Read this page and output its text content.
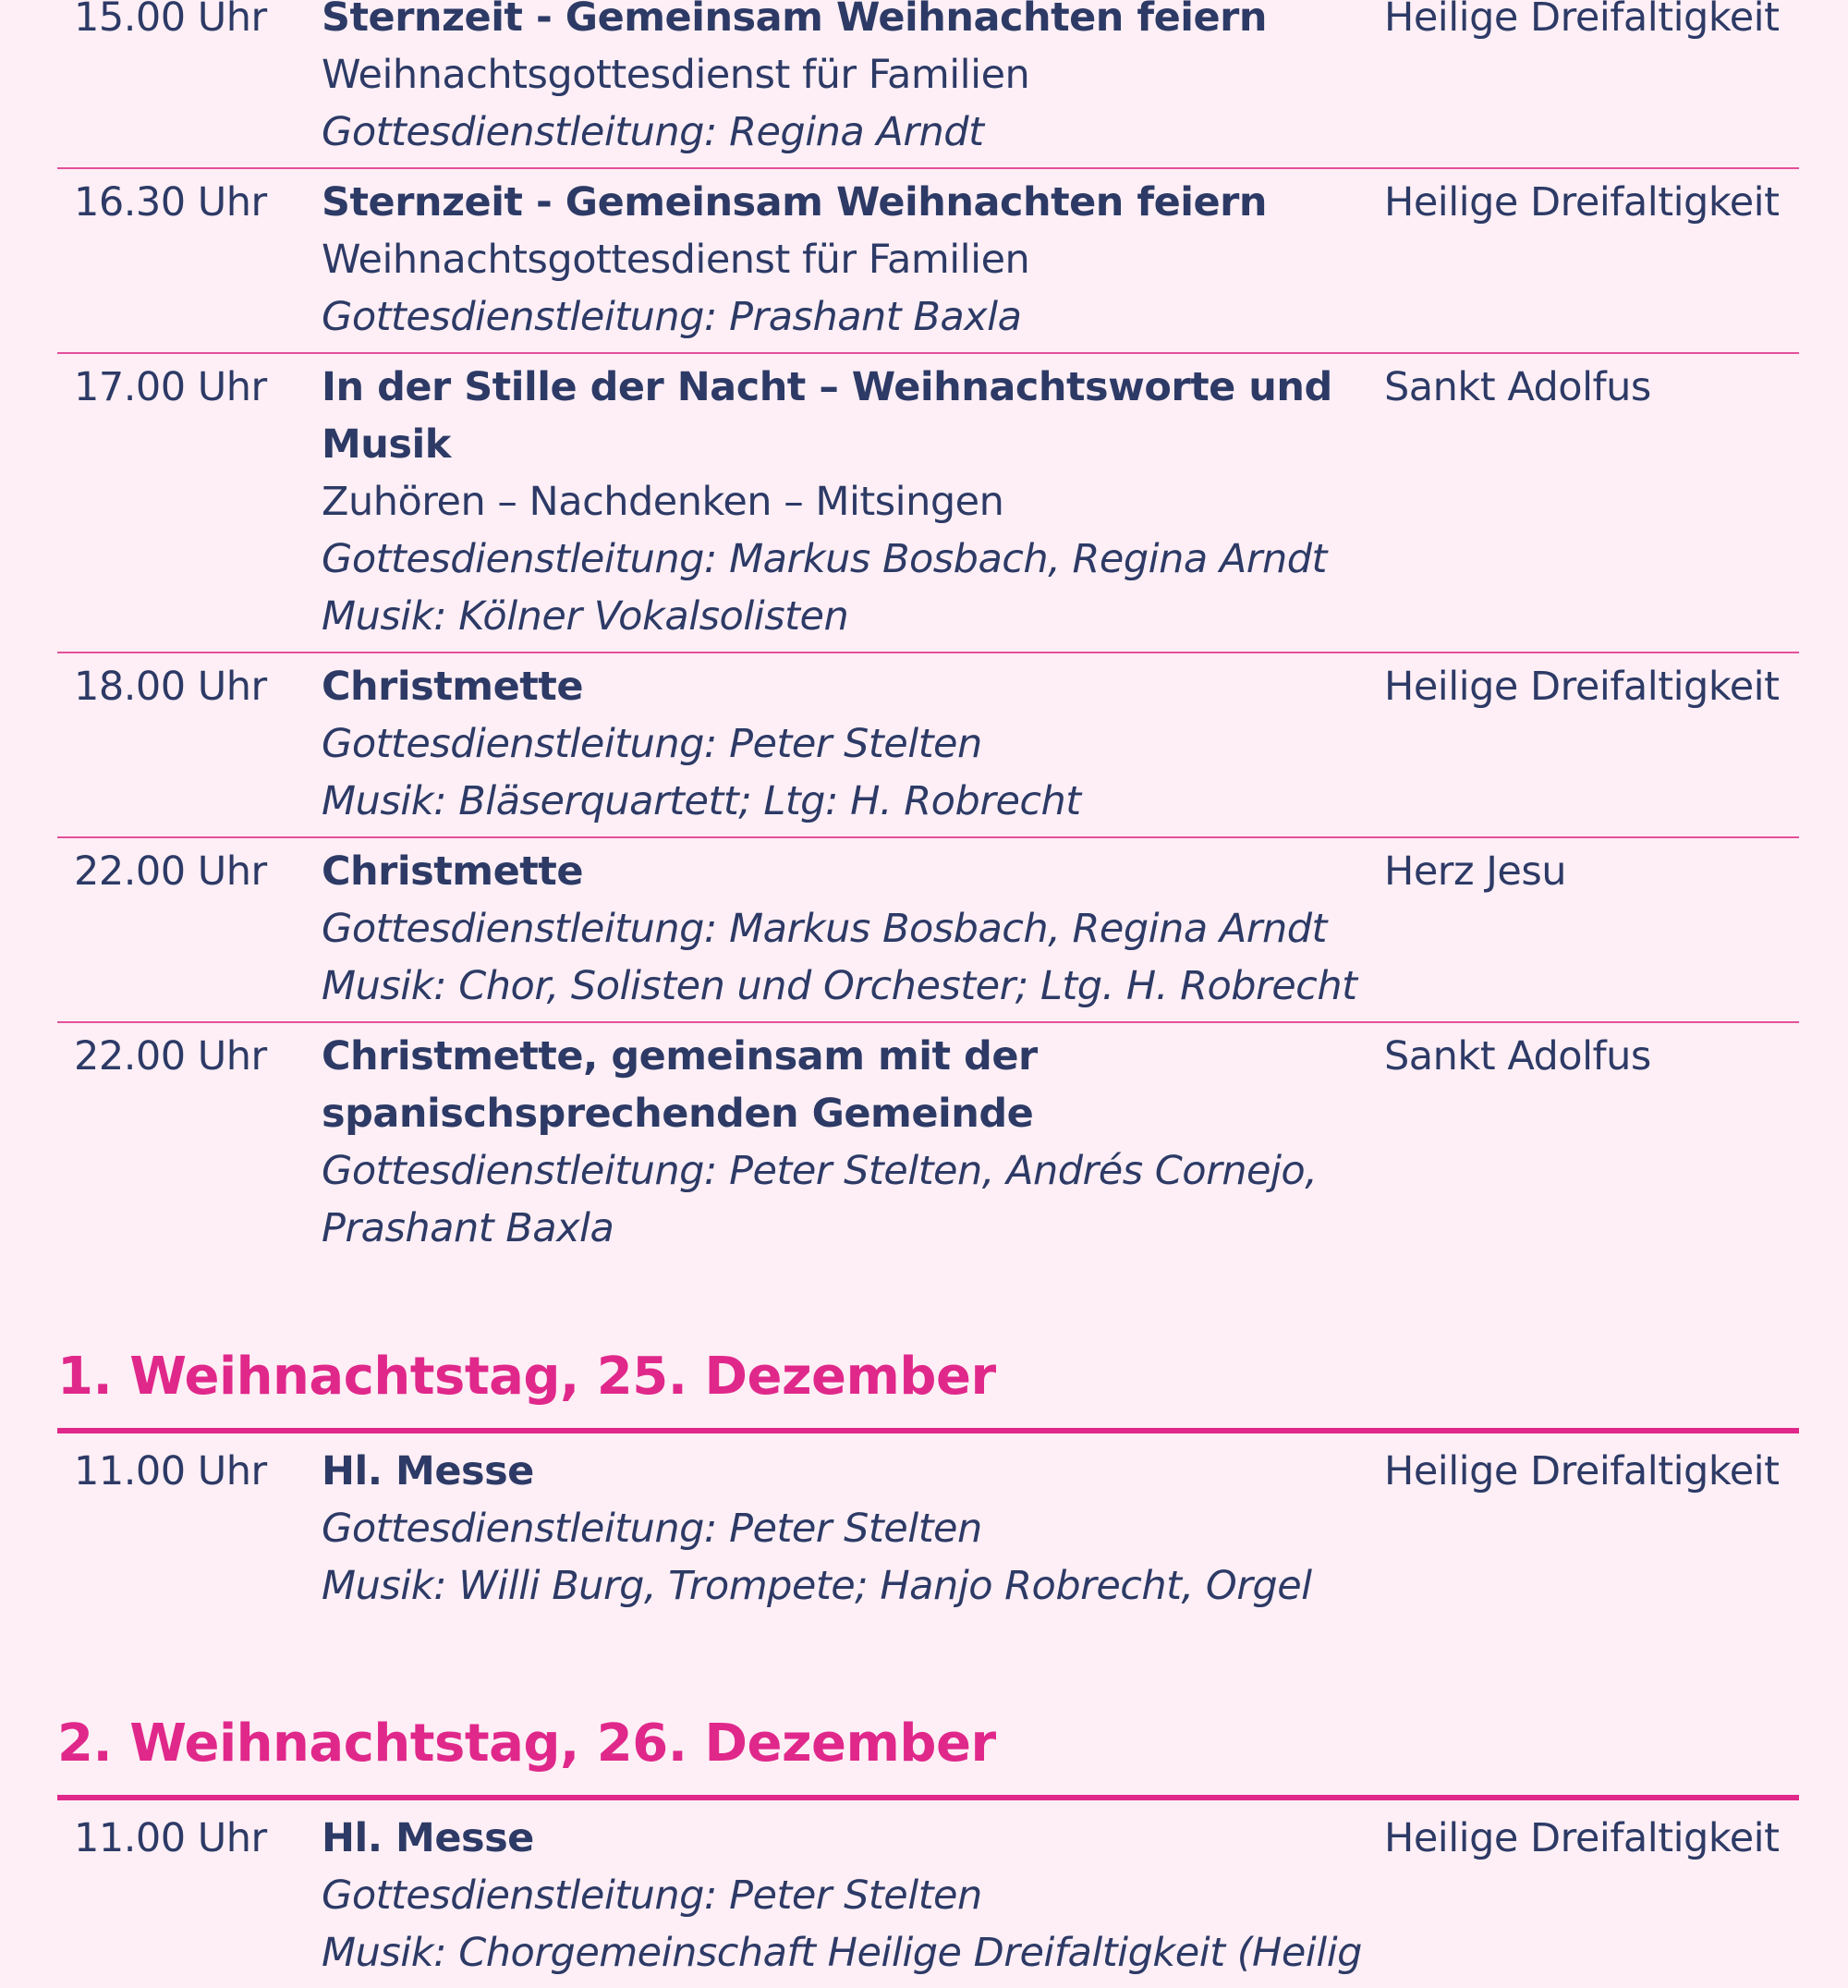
15.00 Uhr	Sternzeit - Gemeinsam Weihnachten feiern
Weihnachtsgottesdienst für Familien
Gottesdienstleitung: Regina Arndt
Heilige Dreifaltigkeit
16.30 Uhr	Sternzeit - Gemeinsam Weihnachten feiern
Weihnachtsgottesdienst für Familien
Gottesdienstleitung: Prashant Baxla
Heilige Dreifaltigkeit
17.00 Uhr	In der Stille der Nacht – Weihnachtsworte und Musik
Zuhören – Nachdenken – Mitsingen
Gottesdienstleitung: Markus Bosbach, Regina Arndt
Musik: Kölner Vokalsolisten
Sankt Adolfus
18.00 Uhr	Christmette
Gottesdienstleitung: Peter Stelten
Musik: Bläserquartett; Ltg: H. Robrecht
Heilige Dreifaltigkeit
22.00 Uhr	Christmette
Gottesdienstleitung: Markus Bosbach, Regina Arndt
Musik: Chor, Solisten und Orchester; Ltg. H. Robrecht
Herz Jesu
22.00 Uhr	Christmette, gemeinsam mit der
spanischsprechenden Gemeinde
Gottesdienstleitung: Peter Stelten, Andrés Cornejo,
Prashant Baxla
Sankt Adolfus
1. Weihnachtstag, 25. Dezember
11.00 Uhr	Hl. Messe
Gottesdienstleitung: Peter Stelten
Musik: Willi Burg, Trompete; Hanjo Robrecht, Orgel
Heilige Dreifaltigkeit
2. Weihnachtstag, 26. Dezember
11.00 Uhr	Hl. Messe
Gottesdienstleitung: Peter Stelten
Musik: Chorgemeinschaft Heilige Dreifaltigkeit (Heilig
Heilige Dreifaltigkeit
